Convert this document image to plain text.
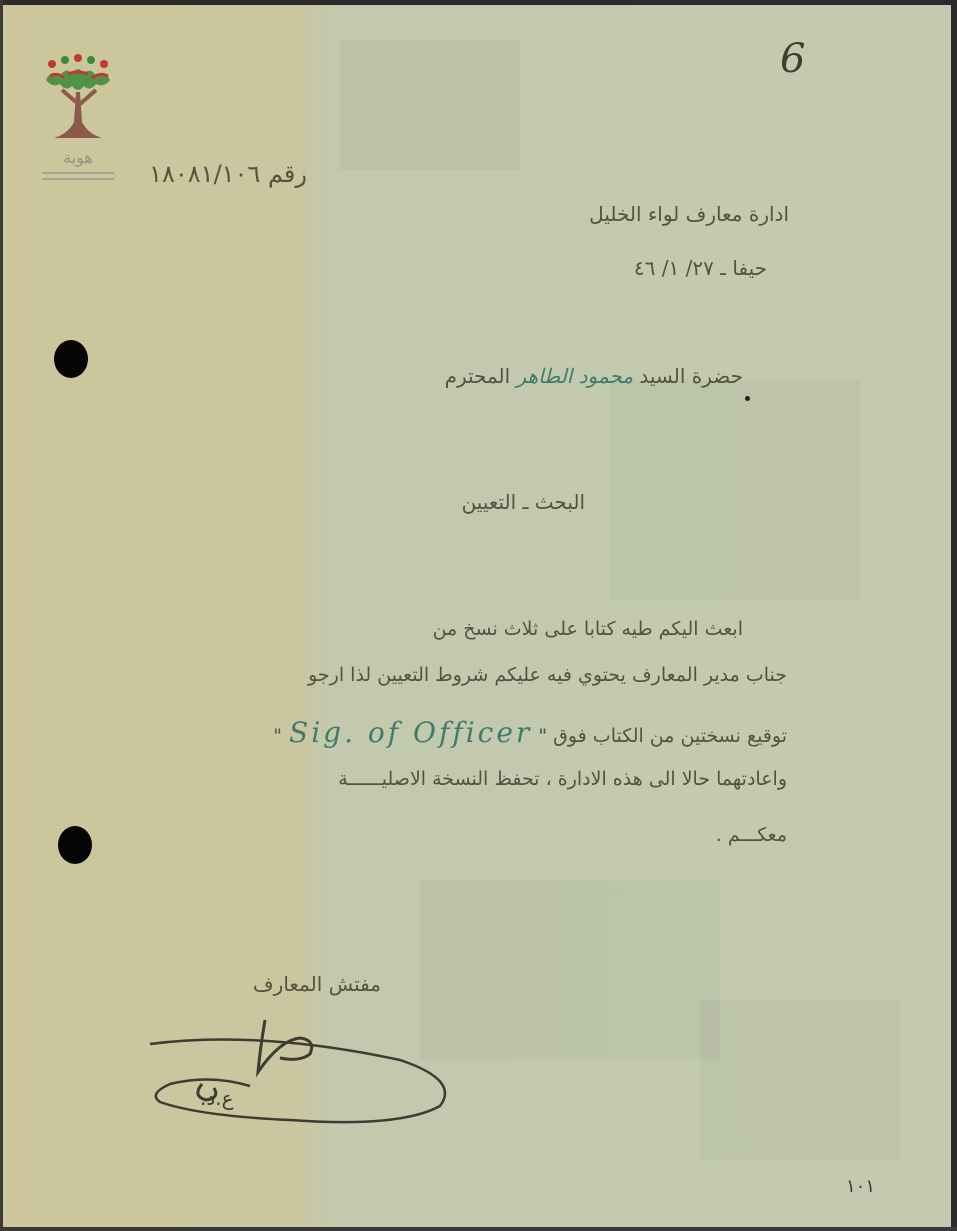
هوية
6
رقم ١٨٠٨١/١٠٦
ادارة معارف لواء الخليل
حيفا ـ ٢٧/ ١/ ٤٦
حضرة السيد محمود الطاهر المحترم
البحث ـ التعيين
ابعث اليكم طيه كتابا على ثلاث نسخ من
جناب مدير المعارف يحتوي فيه عليكم شروط التعيين لذا ارجو
توقيع نسختين من الكتاب فوق " Sig. of Officer "
واعادتهما حالا الى هذه الادارة ، تحفظ النسخة الاصليــــــة
معكـــم .
مفتش المعارف
ع.د.
١٠١
